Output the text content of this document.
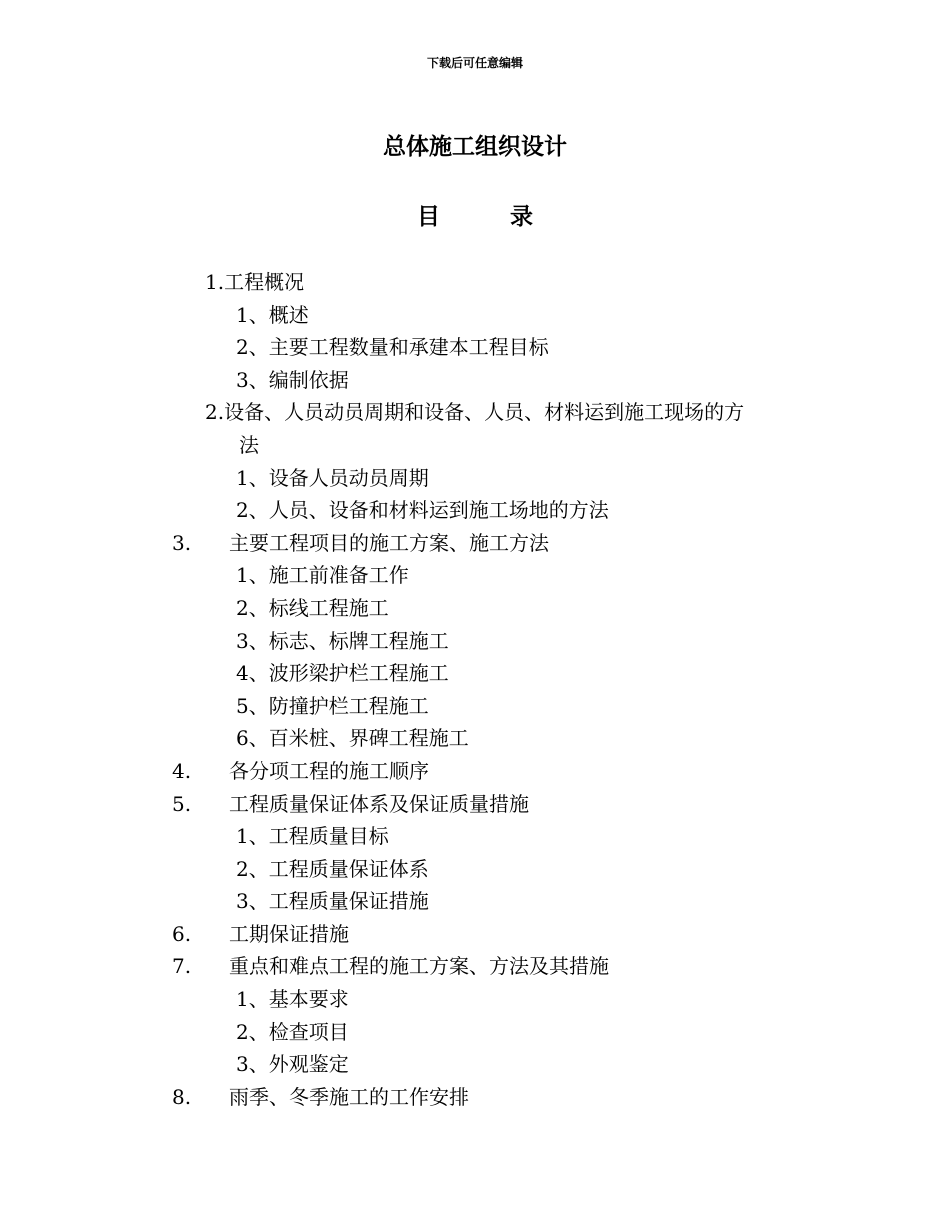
下载后可任意编辑
总体施工组织设计
目	录
1.工程概况
1、概述
2、主要工程数量和承建本工程目标
3、编制依据
2.设备、人员动员周期和设备、人员、材料运到施工现场的方
法
1、设备人员动员周期
2、人员、设备和材料运到施工场地的方法
3. 主要工程项目的施工方案、施工方法
1、施工前准备工作
2、标线工程施工
3、标志、标牌工程施工
4、波形梁护栏工程施工
5、防撞护栏工程施工
6、百米桩、界碑工程施工
4. 各分项工程的施工顺序
5. 工程质量保证体系及保证质量措施
1、工程质量目标
2、工程质量保证体系
3、工程质量保证措施
6. 工期保证措施
7. 重点和难点工程的施工方案、方法及其措施
1、基本要求
2、检查项目
3、外观鉴定
8. 雨季、冬季施工的工作安排
